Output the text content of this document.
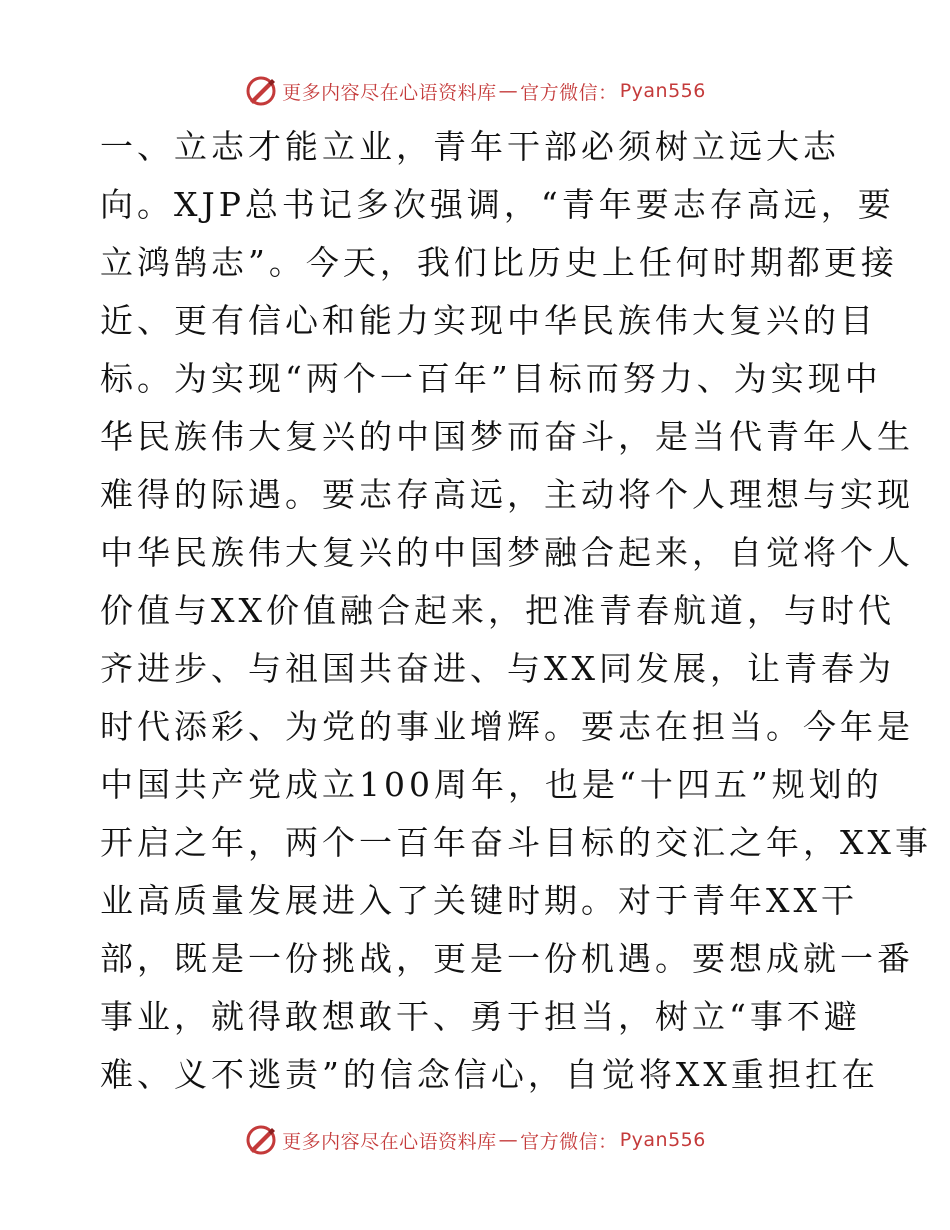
更多内容尽在心语资料库 — 官方微信： Pyan556
一、立志才能立业，青年干部必须树立远大志
向。XJP总书记多次强调，“青年要志存高远，要
立鸿鹄志”。今天，我们比历史上任何时期都更接
近、更有信心和能力实现中华民族伟大复兴的目
标。为实现“两个一百年”目标而努力、为实现中
华民族伟大复兴的中国梦而奋斗，是当代青年人生
难得的际遇。要志存高远，主动将个人理想与实现
中华民族伟大复兴的中国梦融合起来，自觉将个人
价值与XX价值融合起来，把准青春航道，与时代
齐进步、与祖国共奋进、与XX同发展，让青春为
时代添彩、为党的事业增辉。要志在担当。今年是
中国共产党成立100周年，也是“十四五”规划的
开启之年，两个一百年奋斗目标的交汇之年，XX事
业高质量发展进入了关键时期。对于青年XX干
部，既是一份挑战，更是一份机遇。要想成就一番
事业，就得敢想敢干、勇于担当，树立“事不避
难、义不逃责”的信念信心，自觉将XX重担扛在
更多内容尽在心语资料库 — 官方微信： Pyan556
